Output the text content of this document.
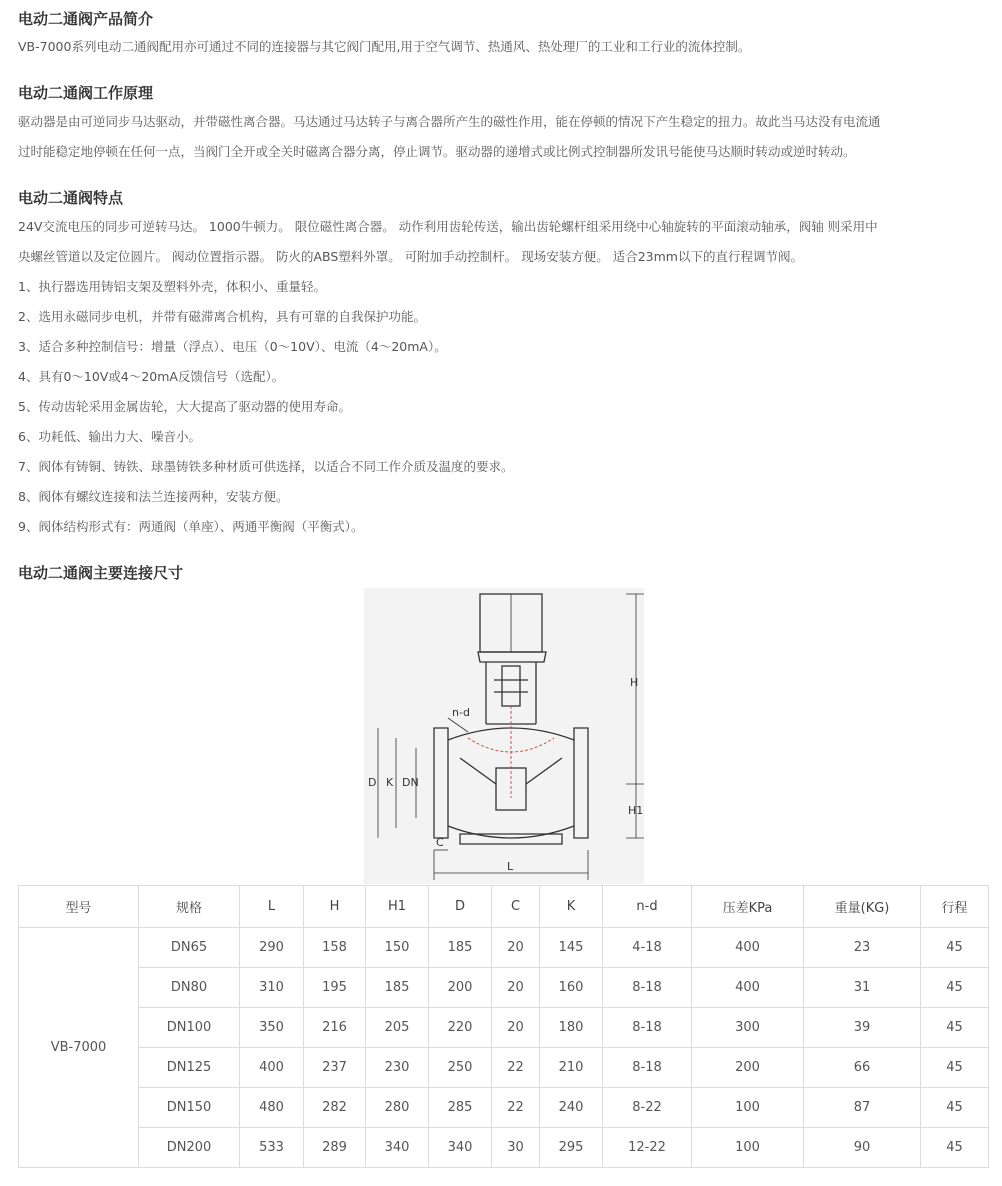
电动二通阀产品简介
VB-7000系列电动二通阀配用亦可通过不同的连接器与其它阀门配用,用于空气调节、热通风、热处理厂的工业和工行业的流体控制。
电动二通阀工作原理
驱动器是由可逆同步马达驱动，并带磁性离合器。马达通过马达转子与离合器所产生的磁性作用，能在停顿的情况下产生稳定的扭力。故此当马达没有电流通
过时能稳定地停顿在任何一点，当阀门全开或全关时磁离合器分离，停止调节。驱动器的递增式或比例式控制器所发讯号能使马达顺时转动或逆时转动。
电动二通阀特点
24V交流电压的同步可逆转马达。 1000牛顿力。 限位磁性离合器。 动作利用齿轮传送，输出齿轮螺杆组采用绕中心轴旋转的平面滚动轴承，阀轴 则采用中
央螺丝管道以及定位圆片。 阀动位置指示器。 防火的ABS塑料外罩。 可附加手动控制杆。 现场安装方便。 适合23mm以下的直行程调节阀。
1、执行器选用铸铝支架及塑料外壳，体积小、重量轻。
2、选用永磁同步电机，并带有磁滞离合机构，具有可靠的自我保护功能。
3、适合多种控制信号：增量（浮点）、电压（0～10V）、电流（4～20mA）。
4、具有0～10V或4～20mA反馈信号（选配）。
5、传动齿轮采用金属齿轮，大大提高了驱动器的使用寿命。
6、功耗低、输出力大、噪音小。
7、阀体有铸铜、铸铁、球墨铸铁多种材质可供选择，以适合不同工作介质及温度的要求。
8、阀体有螺纹连接和法兰连接两种，安装方便。
9、阀体结构形式有：两通阀（单座）、两通平衡阀（平衡式）。
电动二通阀主要连接尺寸
H
H1
D K DN
C
L
n-d
型号	规格	L	H	H1	D	C	K	n-d	压差KPa	重量(KG)	行程
VB-7000	DN65	290	158	150	185	20	145	4-18	400	23	45
	DN80	310	195	185	200	20	160	8-18	400	31	45
	DN100	350	216	205	220	20	180	8-18	300	39	45
	DN125	400	237	230	250	22	210	8-18	200	66	45
	DN150	480	282	280	285	22	240	8-22	100	87	45
	DN200	533	289	340	340	30	295	12-22	100	90	45
